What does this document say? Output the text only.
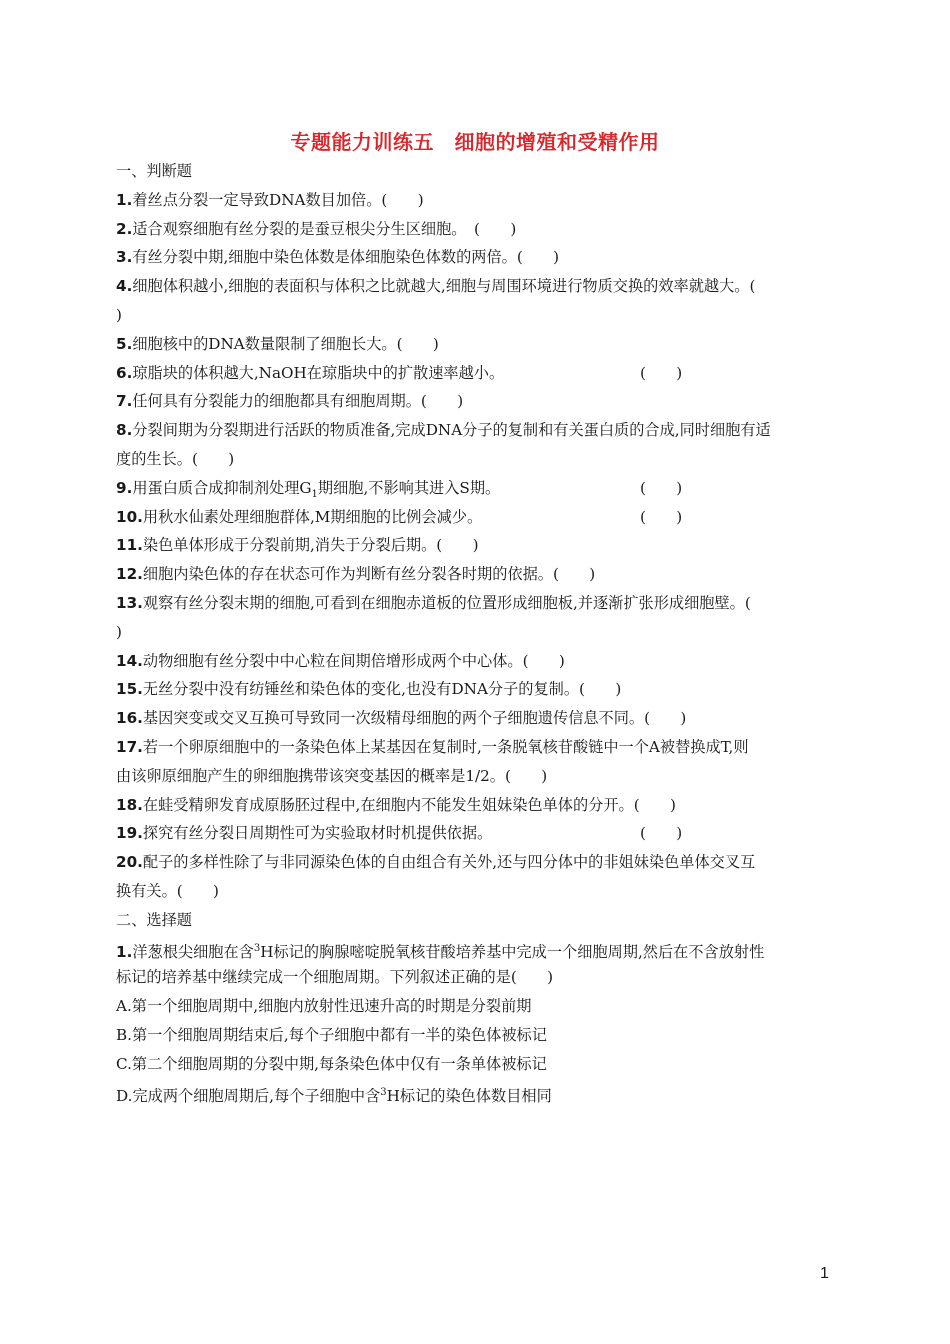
专题能力训练五　细胞的增殖和受精作用
一、判断题
1.着丝点分裂一定导致DNA数目加倍。(　　)
2.适合观察细胞有丝分裂的是蚕豆根尖分生区细胞。　(　　)
3.有丝分裂中期,细胞中染色体数是体细胞染色体数的两倍。(　　)
4.细胞体积越小,细胞的表面积与体积之比就越大,细胞与周围环境进行物质交换的效率就越大。(
)
5.细胞核中的DNA数量限制了细胞长大。(　　)
6.琼脂块的体积越大,NaOH在琼脂块中的扩散速率越小。	(　　)
7.任何具有分裂能力的细胞都具有细胞周期。(　　)
8.分裂间期为分裂期进行活跃的物质准备,完成DNA分子的复制和有关蛋白质的合成,同时细胞有适
度的生长。(　　)
9.用蛋白质合成抑制剂处理$G_1$期细胞,不影响其进入S期。	(　　)
10.用秋水仙素处理细胞群体,M期细胞的比例会减少。	(　　)
11.染色单体形成于分裂前期,消失于分裂后期。(　　)
12.细胞内染色体的存在状态可作为判断有丝分裂各时期的依据。(　　)
13.观察有丝分裂末期的细胞,可看到在细胞赤道板的位置形成细胞板,并逐渐扩张形成细胞壁。(
)
14.动物细胞有丝分裂中中心粒在间期倍增形成两个中心体。(　　)
15.无丝分裂中没有纺锤丝和染色体的变化,也没有DNA分子的复制。(　　)
16.基因突变或交叉互换可导致同一次级精母细胞的两个子细胞遗传信息不同。(　　)
17.若一个卵原细胞中的一条染色体上某基因在复制时,一条脱氧核苷酸链中一个A被替换成T,则
由该卵原细胞产生的卵细胞携带该突变基因的概率是1/2。(　　)
18.在蛙受精卵发育成原肠胚过程中,在细胞内不能发生姐妹染色单体的分开。(　　)
19.探究有丝分裂日周期性可为实验取材时机提供依据。	(　　)
20.配子的多样性除了与非同源染色体的自由组合有关外,还与四分体中的非姐妹染色单体交叉互
换有关。(　　)
二、选择题
1.洋葱根尖细胞在含$^3$H标记的胸腺嘧啶脱氧核苷酸培养基中完成一个细胞周期,然后在不含放射性
标记的培养基中继续完成一个细胞周期。下列叙述正确的是(　　)
A.第一个细胞周期中,细胞内放射性迅速升高的时期是分裂前期
B.第一个细胞周期结束后,每个子细胞中都有一半的染色体被标记
C.第二个细胞周期的分裂中期,每条染色体中仅有一条单体被标记
D.完成两个细胞周期后,每个子细胞中含$^3$H标记的染色体数目相同
1
